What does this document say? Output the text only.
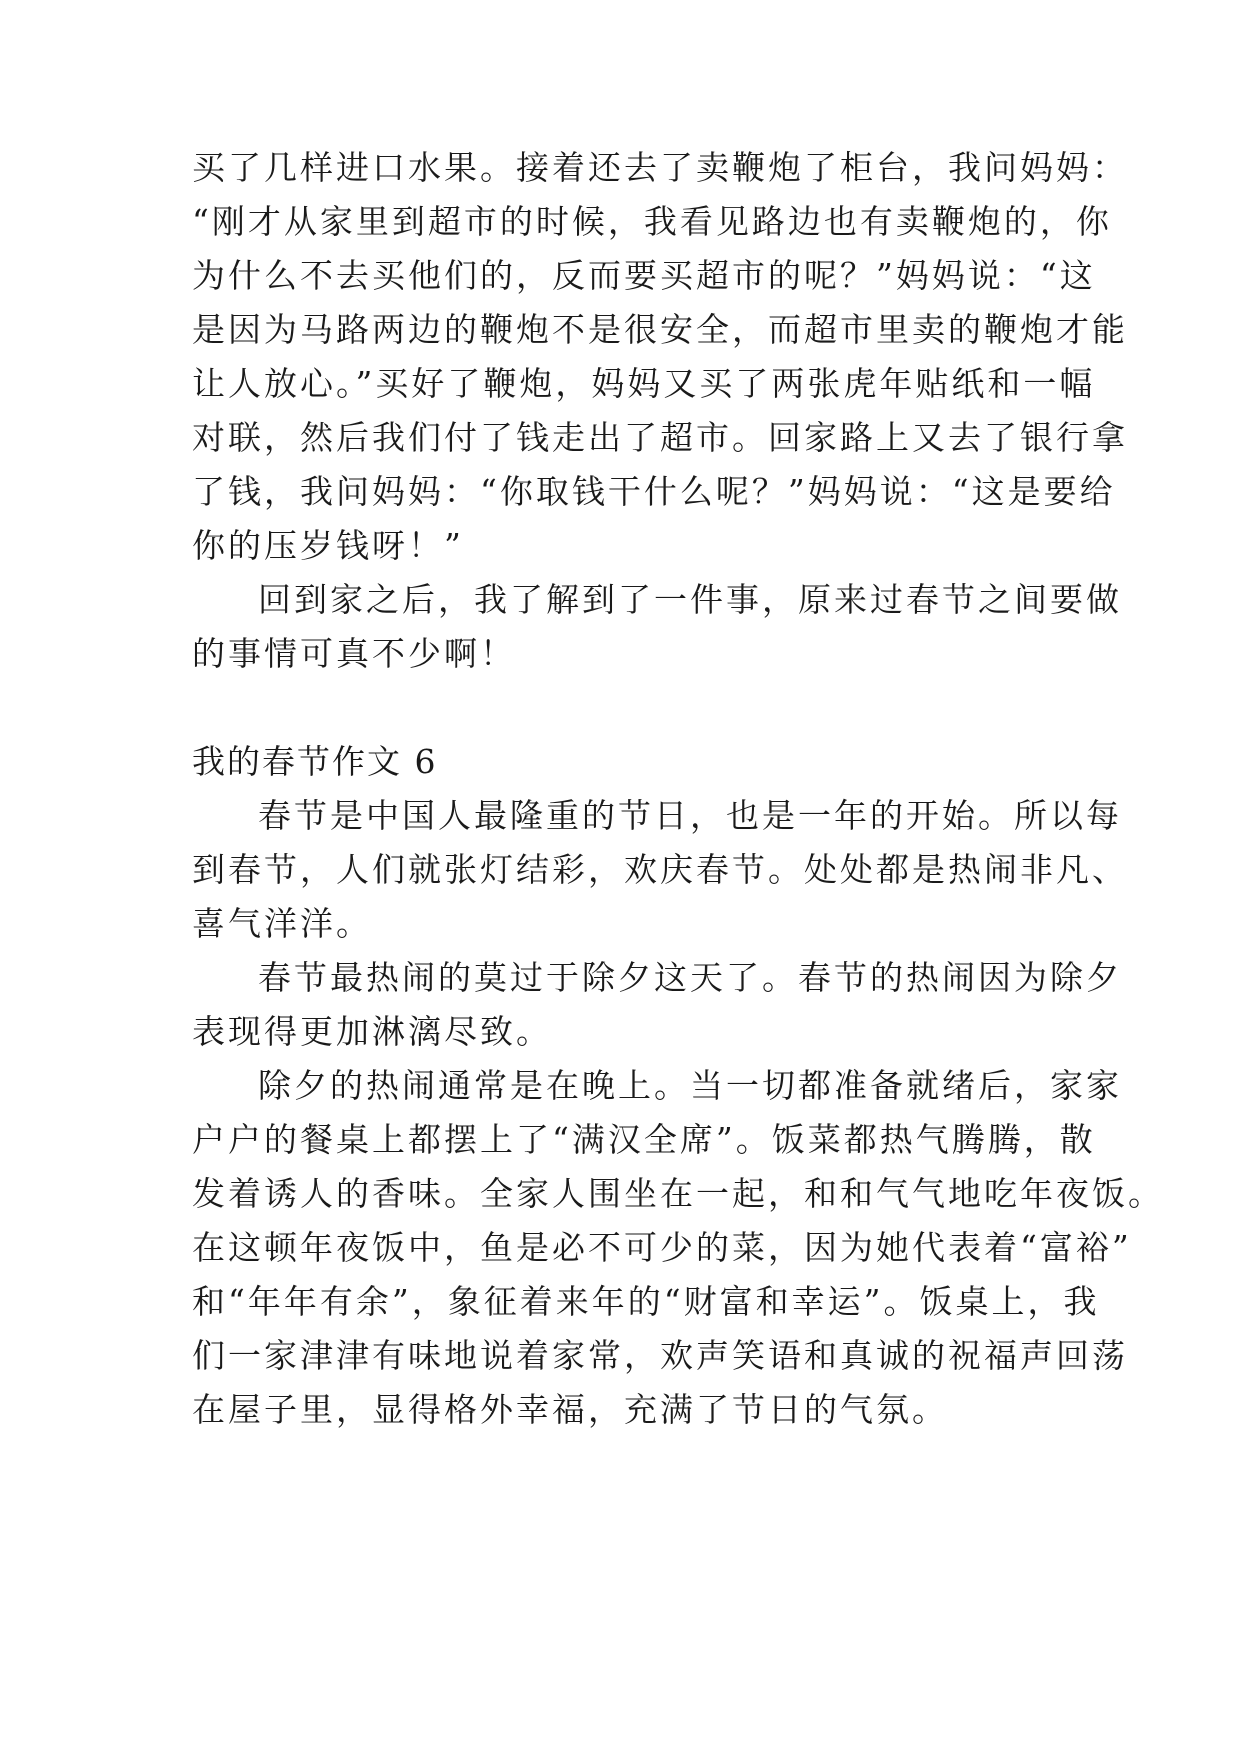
买了几样进口水果。接着还去了卖鞭炮了柜台，我问妈妈：
“刚才从家里到超市的时候，我看见路边也有卖鞭炮的，你
为什么不去买他们的，反而要买超市的呢？”妈妈说：“这
是因为马路两边的鞭炮不是很安全，而超市里卖的鞭炮才能
让人放心。”买好了鞭炮，妈妈又买了两张虎年贴纸和一幅
对联，然后我们付了钱走出了超市。回家路上又去了银行拿
了钱，我问妈妈：“你取钱干什么呢？”妈妈说：“这是要给
你的压岁钱呀！”
回到家之后，我了解到了一件事，原来过春节之间要做
的事情可真不少啊！
我的春节作文 6
春节是中国人最隆重的节日，也是一年的开始。所以每
到春节，人们就张灯结彩，欢庆春节。处处都是热闹非凡、
喜气洋洋。
春节最热闹的莫过于除夕这天了。春节的热闹因为除夕
表现得更加淋漓尽致。
除夕的热闹通常是在晚上。当一切都准备就绪后，家家
户户的餐桌上都摆上了“满汉全席”。饭菜都热气腾腾，散
发着诱人的香味。全家人围坐在一起，和和气气地吃年夜饭。
在这顿年夜饭中，鱼是必不可少的菜，因为她代表着“富裕”
和“年年有余”，象征着来年的“财富和幸运”。饭桌上，我
们一家津津有味地说着家常，欢声笑语和真诚的祝福声回荡
在屋子里，显得格外幸福，充满了节日的气氛。
